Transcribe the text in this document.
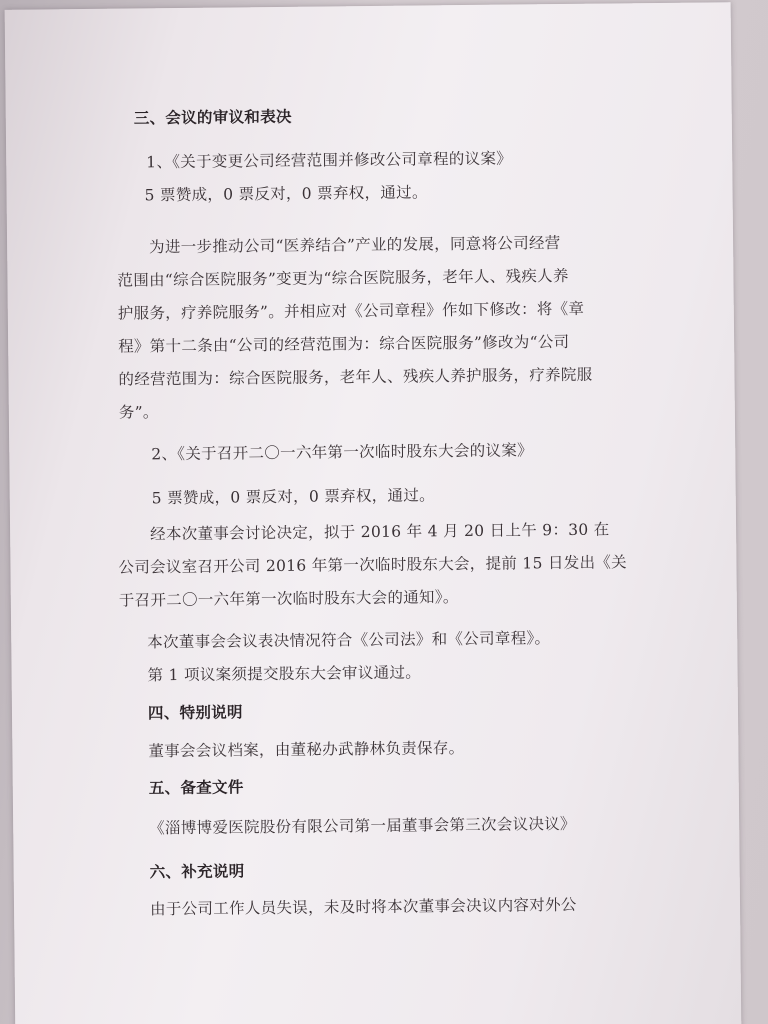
三、会议的审议和表决

1、《关于变更公司经营范围并修改公司章程的议案》

5 票赞成，0 票反对，0 票弃权，通过。

为进一步推动公司“医养结合”产业的发展，同意将公司经营

范围由“综合医院服务”变更为“综合医院服务，老年人、残疾人养

护服务，疗养院服务”。并相应对《公司章程》作如下修改：将《章

程》第十二条由“公司的经营范围为：综合医院服务”修改为“公司

的经营范围为：综合医院服务，老年人、残疾人养护服务，疗养院服

务”。

2、《关于召开二〇一六年第一次临时股东大会的议案》

5 票赞成，0 票反对，0 票弃权，通过。

经本次董事会讨论决定，拟于 2016 年 4 月 20 日上午 9：30 在

公司会议室召开公司 2016 年第一次临时股东大会，提前 15 日发出《关

于召开二〇一六年第一次临时股东大会的通知》。

本次董事会会议表决情况符合《公司法》和《公司章程》。

第 1 项议案须提交股东大会审议通过。

四、特别说明

董事会会议档案，由董秘办武静林负责保存。

五、备查文件

《淄博博爱医院股份有限公司第一届董事会第三次会议决议》

六、补充说明

由于公司工作人员失误，未及时将本次董事会决议内容对外公
